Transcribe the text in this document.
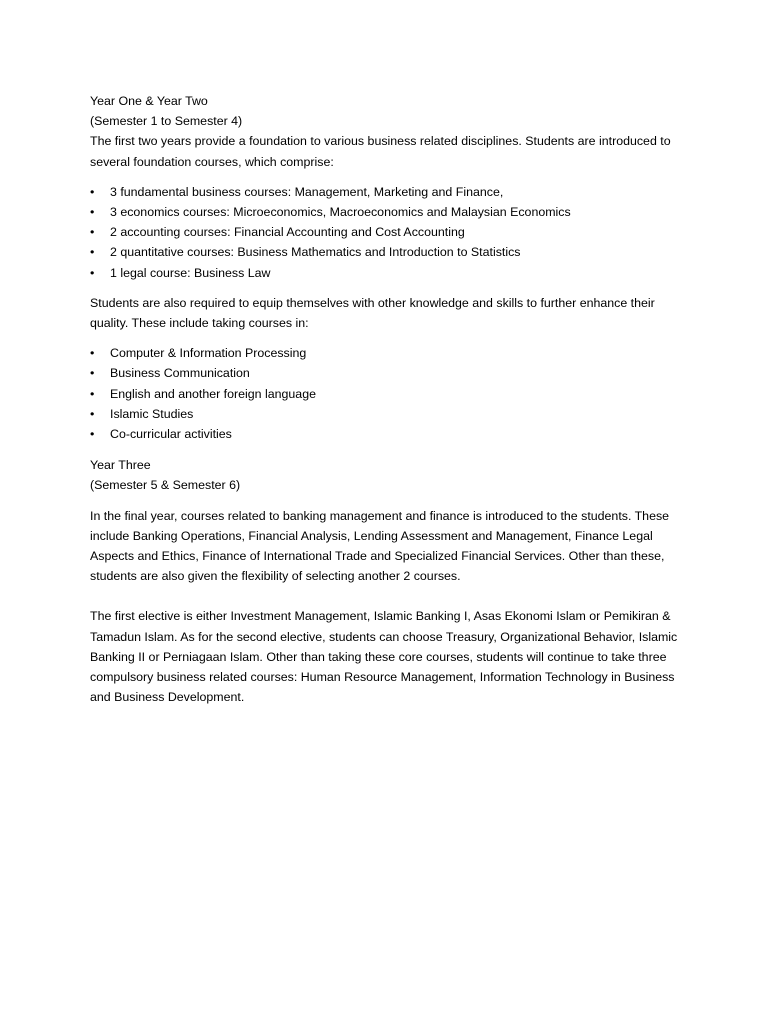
Year One & Year Two

(Semester 1 to Semester 4)

The first two years provide a foundation to various business related disciplines. Students are introduced to several foundation courses, which comprise:

• 3 fundamental business courses: Management, Marketing and Finance,
• 3 economics courses: Microeconomics, Macroeconomics and Malaysian Economics
• 2 accounting courses: Financial Accounting and Cost Accounting
• 2 quantitative courses: Business Mathematics and Introduction to Statistics
• 1 legal course: Business Law

Students are also required to equip themselves with other knowledge and skills to further enhance their quality. These include taking courses in:

• Computer & Information Processing
• Business Communication
• English and another foreign language
• Islamic Studies
• Co-curricular activities

Year Three

(Semester 5 & Semester 6)

In the final year, courses related to banking management and finance is introduced to the students. These include Banking Operations, Financial Analysis, Lending Assessment and Management, Finance Legal Aspects and Ethics, Finance of International Trade and Specialized Financial Services. Other than these, students are also given the flexibility of selecting another 2 courses.

The first elective is either Investment Management, Islamic Banking I, Asas Ekonomi Islam or Pemikiran & Tamadun Islam. As for the second elective, students can choose Treasury, Organizational Behavior, Islamic Banking II or Perniagaan Islam. Other than taking these core courses, students will continue to take three compulsory business related courses: Human Resource Management, Information Technology in Business and Business Development.
